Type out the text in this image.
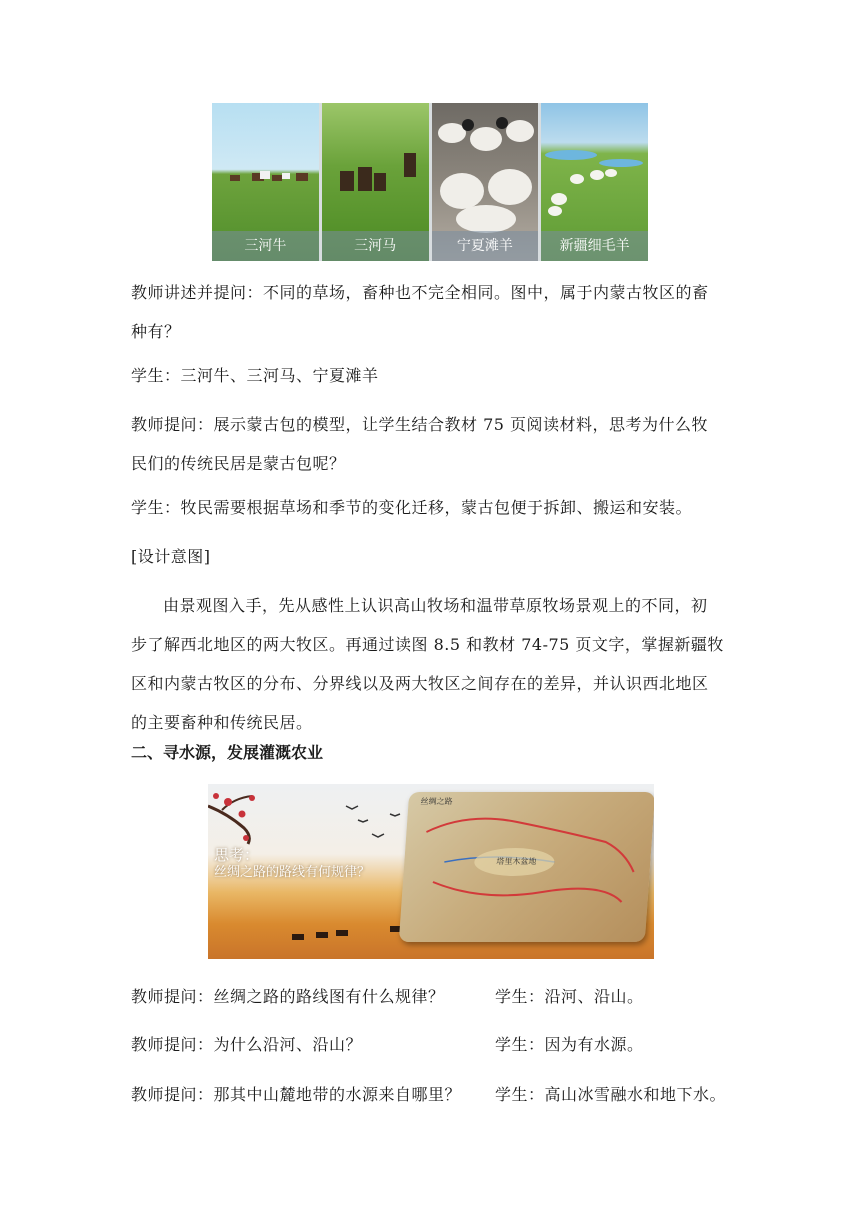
三河牛	三河马	宁夏滩羊	新疆细毛羊
教师讲述并提问：不同的草场，畜种也不完全相同。图中，属于内蒙古牧区的畜
种有？
学生：三河牛、三河马、宁夏滩羊
教师提问：展示蒙古包的模型，让学生结合教材 75 页阅读材料，思考为什么牧
民们的传统民居是蒙古包呢？
学生：牧民需要根据草场和季节的变化迁移，蒙古包便于拆卸、搬运和安装。
[设计意图]
由景观图入手，先从感性上认识高山牧场和温带草原牧场景观上的不同，初
步了解西北地区的两大牧区。再通过读图 8.5 和教材 74-75 页文字，掌握新疆牧
区和内蒙古牧区的分布、分界线以及两大牧区之间存在的差异，并认识西北地区
的主要畜种和传统民居。
二、寻水源，发展灌溉农业
丝绸之路
塔里木盆地
思考：
丝绸之路的路线有何规律？
教师提问：丝绸之路的路线图有什么规律？	学生：沿河、沿山。
教师提问：为什么沿河、沿山？	学生：因为有水源。
教师提问：那其中山麓地带的水源来自哪里？ 学生：高山冰雪融水和地下水。
